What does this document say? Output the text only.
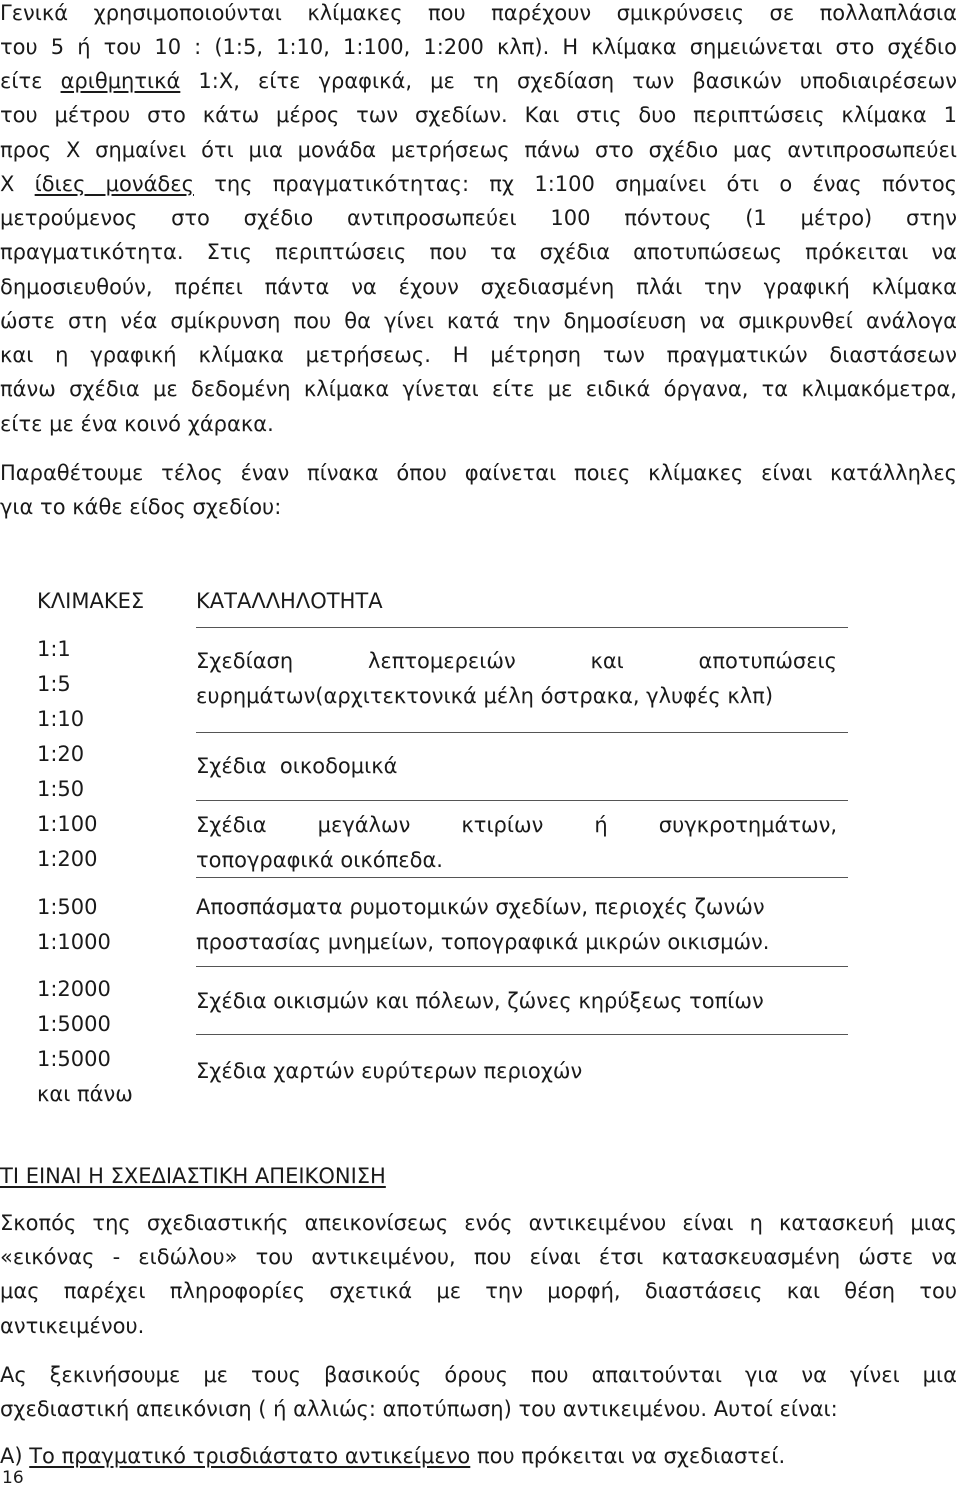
Γενικά χρησιμοποιούνται κλίμακες που παρέχουν σμικρύνσεις σε πολλαπλάσια
του 5 ή του 10 : (1:5, 1:10, 1:100, 1:200 κλπ). Η κλίμακα σημειώνεται στο σχέδιο
είτε αριθμητικά 1:Χ, είτε γραφικά, με τη σχεδίαση των βασικών υποδιαιρέσεων
του μέτρου στο κάτω μέρος των σχεδίων. Και στις δυο περιπτώσεις κλίμακα 1
προς Χ σημαίνει ότι μια μονάδα μετρήσεως πάνω στο σχέδιο μας αντιπροσωπεύει
Χ ίδιες μονάδες της πραγματικότητας: πχ 1:100 σημαίνει ότι ο ένας πόντος
μετρούμενος στο σχέδιο αντιπροσωπεύει 100 πόντους (1 μέτρο) στην
πραγματικότητα. Στις περιπτώσεις που τα σχέδια αποτυπώσεως πρόκειται να
δημοσιευθούν, πρέπει πάντα να έχουν σχεδιασμένη πλάι την γραφική κλίμακα
ώστε στη νέα σμίκρυνση που θα γίνει κατά την δημοσίευση να σμικρυνθεί ανάλογα
και η γραφική κλίμακα μετρήσεως. Η μέτρηση των πραγματικών διαστάσεων
πάνω σχέδια με δεδομένη κλίμακα γίνεται είτε με ειδικά όργανα, τα κλιμακόμετρα,
είτε με ένα κοινό χάρακα.
Παραθέτουμε τέλος έναν πίνακα όπου φαίνεται ποιες κλίμακες είναι κατάλληλες
για το κάθε είδος σχεδίου:
ΚΛΙΜΑΚΕΣ ΚΑΤΑΛΛΗΛΟΤΗΤΑ
1:1
1:5
1:10
1:20
1:50
1:100
1:200
1:500
1:1000
1:2000
1:5000
1:5000
και πάνω
Σχεδίαση λεπτομερειών και αποτυπώσεις
ευρημάτων(αρχιτεκτονικά μέλη όστρακα, γλυφές κλπ)
Σχέδια  οικοδομικά
Σχέδια μεγάλων κτιρίων ή συγκροτημάτων,
τοπογραφικά οικόπεδα.
Αποσπάσματα ρυμοτομικών σχεδίων, περιοχές ζωνών
προστασίας μνημείων, τοπογραφικά μικρών οικισμών.
Σχέδια οικισμών και πόλεων, ζώνες κηρύξεως τοπίων
Σχέδια χαρτών ευρύτερων περιοχών
ΤΙ ΕΙΝΑΙ Η ΣΧΕΔΙΑΣΤΙΚΗ ΑΠΕΙΚΟΝΙΣΗ
Σκοπός της σχεδιαστικής απεικονίσεως ενός αντικειμένου είναι η κατασκευή μιας
«εικόνας - ειδώλου» του αντικειμένου, που είναι έτσι κατασκευασμένη ώστε να
μας παρέχει πληροφορίες σχετικά με την μορφή, διαστάσεις και θέση του
αντικειμένου.
Ας ξεκινήσουμε με τους βασικούς όρους που απαιτούνται για να γίνει μια
σχεδιαστική απεικόνιση ( ή αλλιώς: αποτύπωση) του αντικειμένου. Αυτοί είναι:
Α) Το πραγματικό τρισδιάστατο αντικείμενο που πρόκειται να σχεδιαστεί.
16
